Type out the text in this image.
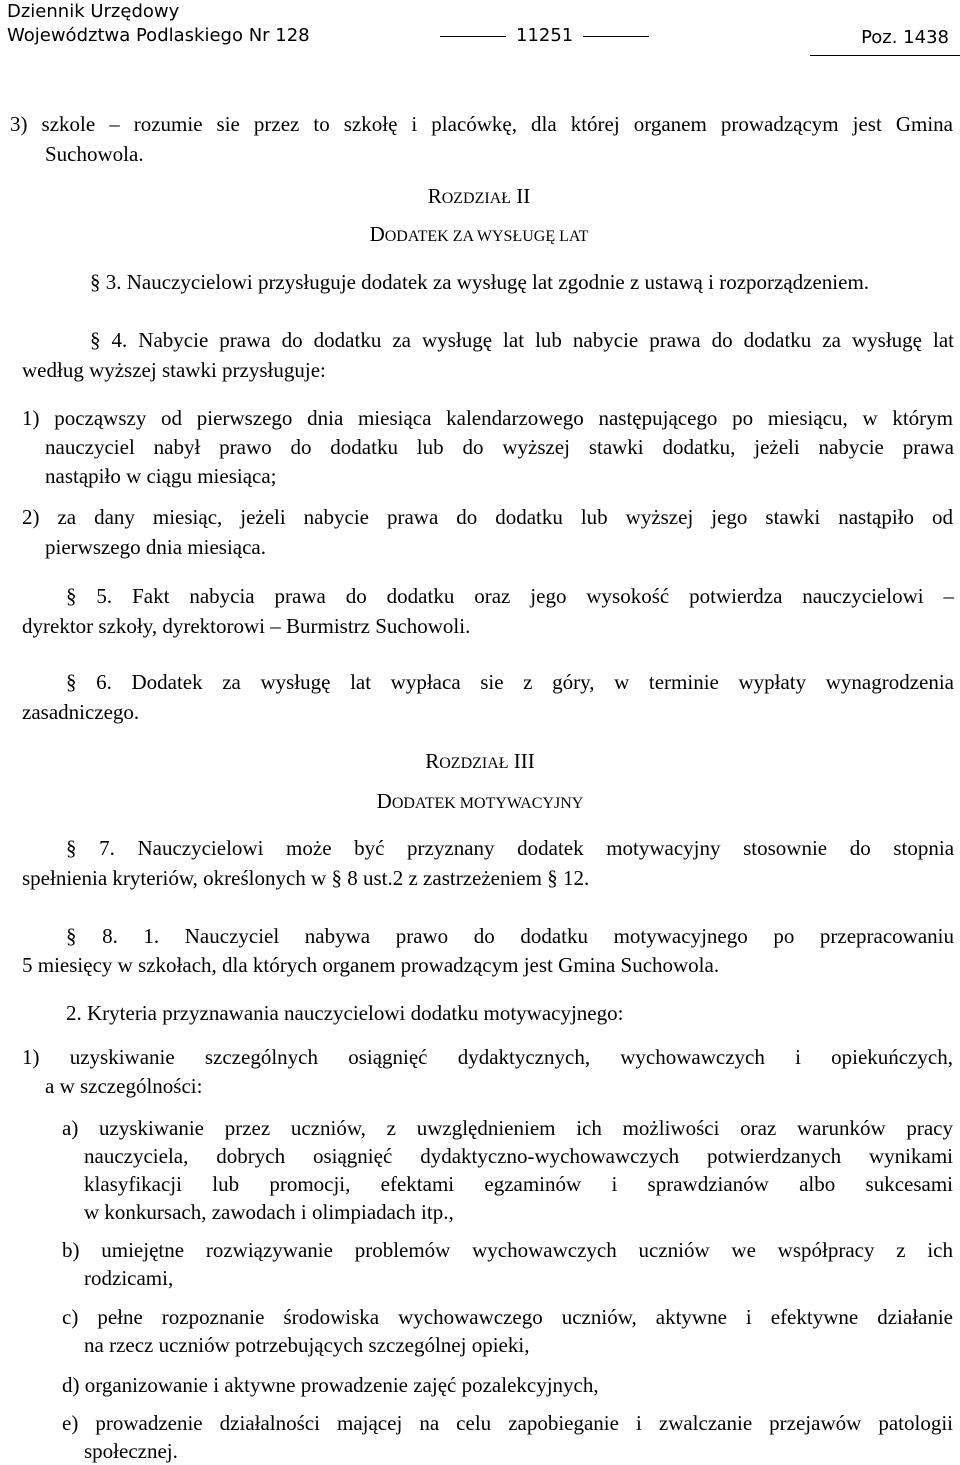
Dziennik Urzędowy
Województwa Podlaskiego Nr 128	11251	Poz. 1438
3) szkole – rozumie sie przez to szkołę i placówkę, dla której organem prowadzącym jest Gmina
Suchowola.
ROZDZIAŁ II
DODATEK ZA WYSŁUGĘ LAT
§ 3. Nauczycielowi przysługuje dodatek za wysługę lat zgodnie z ustawą i rozporządzeniem.
§ 4. Nabycie prawa do dodatku za wysługę lat lub nabycie prawa do dodatku za wysługę lat
według wyższej stawki przysługuje:
1) począwszy od pierwszego dnia miesiąca kalendarzowego następującego po miesiącu, w którym
nauczyciel nabył prawo do dodatku lub do wyższej stawki dodatku, jeżeli nabycie prawa
nastąpiło w ciągu miesiąca;
2) za dany miesiąc, jeżeli nabycie prawa do dodatku lub wyższej jego stawki nastąpiło od
pierwszego dnia miesiąca.
§ 5. Fakt nabycia prawa do dodatku oraz jego wysokość potwierdza nauczycielowi –
dyrektor szkoły, dyrektorowi – Burmistrz Suchowoli.
§ 6. Dodatek za wysługę lat wypłaca sie z góry, w terminie wypłaty wynagrodzenia
zasadniczego.
ROZDZIAŁ III
DODATEK MOTYWACYJNY
§ 7. Nauczycielowi może być przyznany dodatek motywacyjny stosownie do stopnia
spełnienia kryteriów, określonych w § 8 ust.2 z zastrzeżeniem § 12.
§ 8. 1. Nauczyciel nabywa prawo do dodatku motywacyjnego po przepracowaniu
5 miesięcy w szkołach, dla których organem prowadzącym jest Gmina Suchowola.
2. Kryteria przyznawania nauczycielowi dodatku motywacyjnego:
1) uzyskiwanie szczególnych osiągnięć dydaktycznych, wychowawczych i opiekuńczych,
a w szczególności:
a) uzyskiwanie przez uczniów, z uwzględnieniem ich możliwości oraz warunków pracy
nauczyciela, dobrych osiągnięć dydaktyczno-wychowawczych potwierdzanych wynikami
klasyfikacji lub promocji, efektami egzaminów i sprawdzianów albo sukcesami
w konkursach, zawodach i olimpiadach itp.,
b) umiejętne rozwiązywanie problemów wychowawczych uczniów we współpracy z ich
rodzicami,
c) pełne rozpoznanie środowiska wychowawczego uczniów, aktywne i efektywne działanie
na rzecz uczniów potrzebujących szczególnej opieki,
d) organizowanie i aktywne prowadzenie zajęć pozalekcyjnych,
e) prowadzenie działalności mającej na celu zapobieganie i zwalczanie przejawów patologii
społecznej.
